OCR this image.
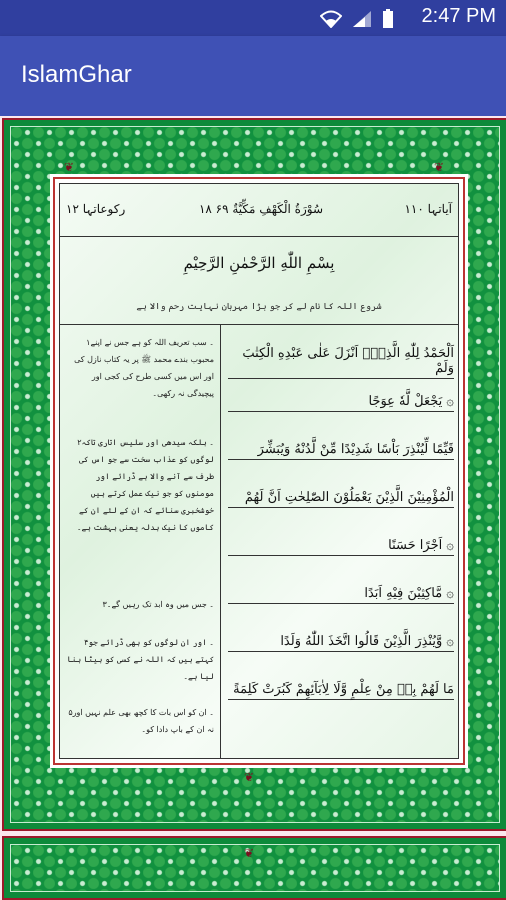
2:47 PM
IslamGhar
❦	❦
❦
رکوعاتہا ۱۲	۱۸ سُوْرَةُ الْكَهْفِ مَكِّيَّةٌ ۶۹	آیاتہا ۱۱۰
بِسْمِ اللّٰهِ الرَّحْمٰنِ الرَّحِيْمِ
شروع اللہ کا نام لے کر جو بڑا مہربان نہایت رحم والا ہے

۱۔ سب تعریف اللہ کو ہے جس نے اپنے محبوب بندے محمد ﷺ پر یہ کتاب نازل کی اور اس میں کسی طرح کی کجی اور پیچیدگی نہ رکھی۔

۲۔ بلکہ سیدھی اور سلیس اتاری تاکہ لوگوں کو عذاب سخت سے جو اس کی طرف سے آنے والا ہے ڈرائے اور مومنوں کو جو نیک عمل کرتے ہیں خوشخبری سنائے کہ ان کے لئے ان کے کاموں کا نیک بدلہ یعنی بہشت ہے۔

۳۔ جس میں وہ ابد تک رہیں گے۔

۴۔ اور ان لوگوں کو بھی ڈرائے جو کہتے ہیں کہ اللہ نے کسی کو بیٹا بنا لیا ہے۔

۵۔ ان کو اس بات کا کچھ بھی علم نہیں اور نہ ان کے باپ دادا کو۔

اَلْحَمْدُ لِلّٰهِ الَّذِيْۤ اَنْزَلَ عَلٰى عَبْدِهِ الْكِتٰبَ وَلَمْ
يَجْعَلْ لَّهٗ عِوَجًا ۞
قَيِّمًا لِّيُنْذِرَ بَاْسًا شَدِيْدًا مِّنْ لَّدُنْهُ وَيُبَشِّرَ
الْمُؤْمِنِيْنَ الَّذِيْنَ يَعْمَلُوْنَ الصّٰلِحٰتِ اَنَّ لَهُمْ
اَجْرًا حَسَنًا ۞
مَّاكِثِيْنَ فِيْهِ اَبَدًا ۞
وَّيُنْذِرَ الَّذِيْنَ قَالُوا اتَّخَذَ اللّٰهُ وَلَدًا ۞
مَا لَهُمْ بِهٖ مِنْ عِلْمٍ وَّلَا لِاٰبَآئِهِمْ كَبُرَتْ كَلِمَةً
❦
